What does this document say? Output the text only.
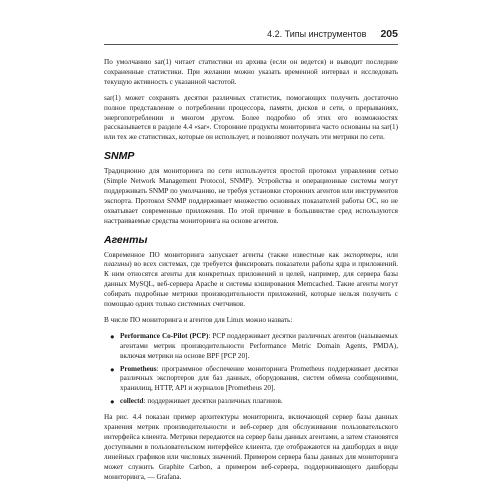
4.2. Типы инструментов 205

По умолчанию sar(1) читает статистики из архива (если он ведется) и выводит последние сохраненные статистики. При желании можно указать временной интервал и исследовать текущую активность с указанной частотой.

sar(1) может сохранять десятки различных статистик, помогающих получить достаточно полное представление о потреблении процессора, памяти, дисков и сети, о прерываниях, энергопотреблении и многом другом. Более подробно об этих его возможностях рассказывается в разделе 4.4 «sar». Сторонние продукты мониторинга часто основаны на sar(1) или тех же статистиках, которые он использует, и позволяют получать эти метрики по сети.

SNMP

Традиционно для мониторинга по сети используется простой протокол управления сетью (Simple Network Management Protocol, SNMP). Устройства и операционные системы могут поддерживать SNMP по умолчанию, не требуя установки сторонних агентов или инструментов экспорта. Протокол SNMP поддерживает множество основных показателей работы ОС, но не охватывает современные приложения. По этой причине в большинстве сред используются настраиваемые средства мониторинга на основе агентов.

Агенты

Современное ПО мониторинга запускает агенты (также известные как экспортеры, или плагины) во всех системах, где требуется фиксировать показатели работы ядра и приложений. К ним относятся агенты для конкретных приложений и целей, например, для сервера базы данных MySQL, веб-сервера Apache и системы кэширования Memcached. Такие агенты могут собирать подробные метрики производительности приложений, которые нельзя получить с помощью одних только системных счетчиков.

В числе ПО мониторинга и агентов для Linux можно назвать:

● Performance Co-Pilot (PCP): PCP поддерживает десятки различных агентов (называемых агентами метрик производительности Performance Metric Domain Agents, PMDA), включая метрики на основе BPF [PCP 20].
● Prometheus: программное обеспечение мониторинга Prometheus поддерживает десятки различных экспортеров для баз данных, оборудования, систем обмена сообщениями, хранилищ, HTTP, API и журналов [Prometheus 20].
● collectd: поддерживает десятки различных плагинов.

На рис. 4.4 показан пример архитектуры мониторинга, включающей сервер базы данных хранения метрик производительности и веб-сервер для обслуживания пользовательского интерфейса клиента. Метрики передаются на сервер базы данных агентами, а затем становятся доступными в пользовательском интерфейсе клиента, где отображаются на дашбордах в виде линейных графиков или числовых значений. Примером сервера базы данных для мониторинга может служить Graphite Carbon, а примером веб-сервера, поддерживающего дашборды мониторинга, — Grafana.
